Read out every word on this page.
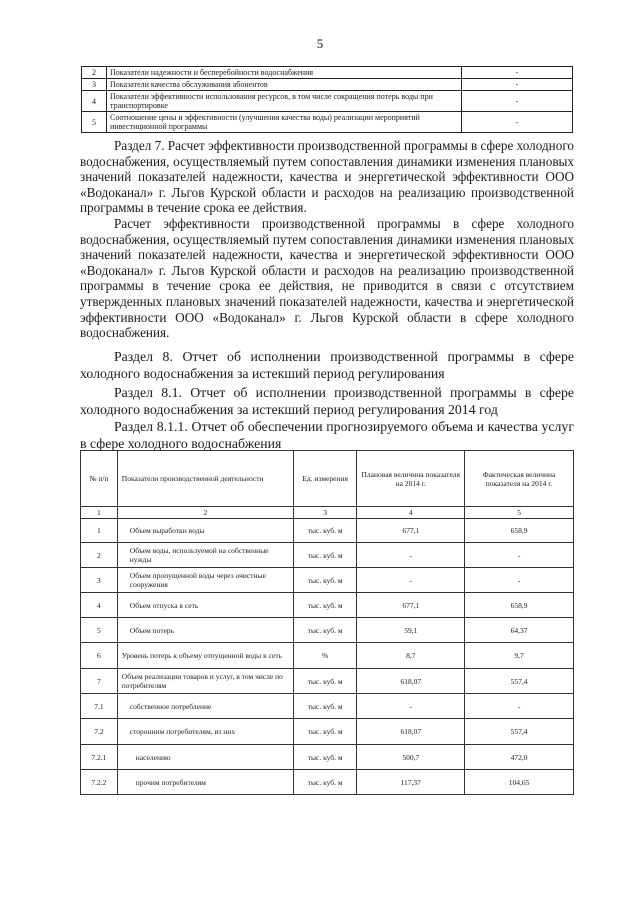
5
2	Показатели надежности и бесперебойности водоснабжения	-
3	Показатели качества обслуживания абонентов	-
4	Показатели эффективности использования ресурсов, в том числе сокращения потерь воды при транспортировке	-
5	Соотношение цены и эффективности (улучшения качества воды) реализации мероприятий инвестиционной программы	-

Раздел 7. Расчет эффективности производственной программы в сфере холодного водоснабжения, осуществляемый путем сопоставления динамики изменения плановых значений показателей надежности, качества и энергетической эффективности ООО «Водоканал» г. Льгов Курской области и расходов на реализацию производственной программы в течение срока ее действия.

Расчет эффективности производственной программы в сфере холодного водоснабжения, осуществляемый путем сопоставления динамики изменения плановых значений показателей надежности, качества и энергетической эффективности ООО «Водоканал» г. Льгов Курской области и расходов на реализацию производственной программы в течение срока ее действия, не приводится в связи с отсутствием утвержденных плановых значений показателей надежности, качества и энергетической эффективности ООО «Водоканал» г. Льгов Курской области в сфере холодного водоснабжения.

Раздел 8. Отчет об исполнении производственной программы в сфере холодного водоснабжения за истекший период регулирования

Раздел 8.1. Отчет об исполнении производственной программы в сфере холодного водоснабжения за истекший период регулирования 2014 год

Раздел 8.1.1. Отчет об обеспечении прогнозируемого объема и качества услуг в сфере холодного водоснабжения

№ п/п	Показатели производственной деятельности	Ед. измерения	Плановая величина показателя на 2014 г.	Фактическая величина показателя на 2014 г.
1	2	3	4	5
1	Объем выработки воды	тыс. куб. м	677,1	658,9
2	Объем воды, используемой на собственные нужды	тыс. куб. м	-	-
3	Объем пропущенной воды через очистные сооружения	тыс. куб. м	-	-
4	Объем отпуска в сеть	тыс. куб. м	677,1	658,9
5	Объем потерь	тыс. куб. м	59,1	64,37
6	Уровень потерь к объему отпущенной воды в сеть	%	8,7	9,7
7	Объем реализации товаров и услуг, в том числе по потребителям	тыс. куб. м	618,07	557,4
7.1	собственное потребление	тыс. куб. м	-	-
7.2	сторонним потребителям, из них	тыс. куб. м	618,07	557,4
7.2.1	населению	тыс. куб. м	500,7	472,0
7.2.2	прочим потребителям	тыс. куб. м	117,37	104,65
